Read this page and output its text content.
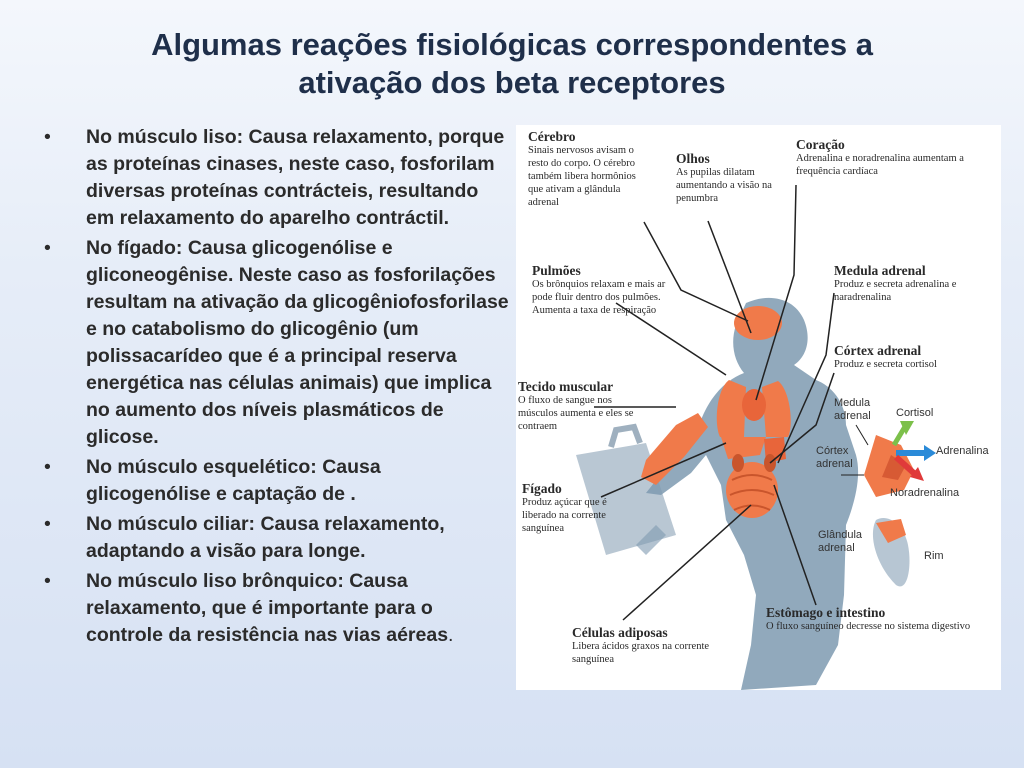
Algumas reações fisiológicas correspondentes a
ativação dos beta receptores
• No músculo liso: Causa relaxamento, porque as proteínas cinases, neste caso, fosforilam diversas proteínas contrácteis, resultando em relaxamento do aparelho contráctil.
• No fígado: Causa glicogenólise e gliconeogênise. Neste caso as fosforilações resultam na ativação da glicogêniofosforilase e no catabolismo do glicogênio (um polissacarídeo que é a principal reserva energética nas células animais) que implica no aumento dos níveis plasmáticos de glicose.
• No músculo esquelético: Causa glicogenólise e captação de .
• No músculo ciliar: Causa relaxamento, adaptando a visão para longe.
• No músculo liso brônquico: Causa relaxamento, que é importante para o controle da resistência nas vias aéreas.
Cérebro
Sinais nervosos avisam o resto do corpo. O cérebro também libera hormônios que ativam a glândula adrenal
Olhos
As pupilas dilatam aumentando a visão na penumbra
Coração
Adrenalina e noradrenalina aumentam a frequência cardíaca
Pulmões
Os brônquios relaxam e mais ar pode fluir dentro dos pulmões. Aumenta a taxa de respiração
Medula adrenal
Produz e secreta adrenalina e naradrenalina
Córtex adrenal
Produz e secreta cortisol
Tecido muscular
O fluxo de sangue nos músculos aumenta e eles se contraem
Fígado
Produz açúcar que é liberado na corrente sanguínea
Estômago e intestino
O fluxo sanguíneo decresse no sistema digestivo
Células adiposas
Libera ácidos graxos na corrente sanguínea
Medula adrenal	Cortisol
Córtex adrenal
Adrenalina
Noradrenalina
Glândula adrenal
Rim
